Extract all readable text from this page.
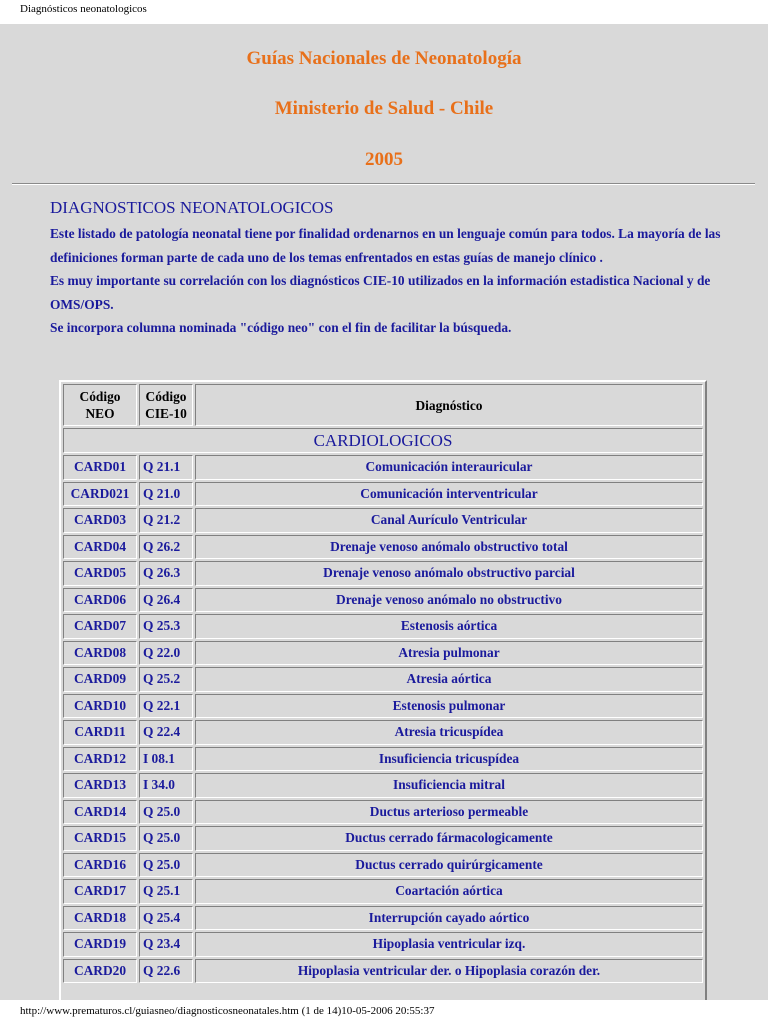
Diagnósticos neonatologicos
Guías Nacionales de Neonatología
Ministerio de Salud - Chile
2005
DIAGNOSTICOS NEONATOLOGICOS

Este listado de patología neonatal tiene por finalidad ordenarnos en un lenguaje común para todos. La mayoría de las definiciones forman parte de cada uno de los temas enfrentados en estas guías de manejo clínico .

Es muy importante su correlación con los diagnósticos CIE-10 utilizados en la información estadistica Nacional y de OMS/OPS.

Se incorpora columna nominada "código neo" con el fin de facilitar la búsqueda.

Código NEO	Código CIE-10	Diagnóstico
CARDIOLOGICOS		
CARD01	Q 21.1	Comunicación interauricular
CARD021	Q 21.0	Comunicación interventricular
CARD03	Q 21.2	Canal Aurículo Ventricular
CARD04	Q 26.2	Drenaje venoso anómalo obstructivo total
CARD05	Q 26.3	Drenaje venoso anómalo obstructivo parcial
CARD06	Q 26.4	Drenaje venoso anómalo no obstructivo
CARD07	Q 25.3	Estenosis aórtica
CARD08	Q 22.0	Atresia pulmonar
CARD09	Q 25.2	Atresia aórtica
CARD10	Q 22.1	Estenosis pulmonar
CARD11	Q 22.4	Atresia tricuspídea
CARD12	I 08.1	Insuficiencia tricuspídea
CARD13	I 34.0	Insuficiencia mitral
CARD14	Q 25.0	Ductus arterioso permeable
CARD15	Q 25.0	Ductus cerrado fármacologicamente
CARD16	Q 25.0	Ductus cerrado quirúrgicamente
CARD17	Q 25.1	Coartación aórtica
CARD18	Q 25.4	Interrupción cayado aórtico
CARD19	Q 23.4	Hipoplasia ventricular izq.
CARD20	Q 22.6	Hipoplasia ventricular der. o Hipoplasia corazón der.
http://www.prematuros.cl/guiasneo/diagnosticosneonatales.htm (1 de 14)10-05-2006 20:55:37
